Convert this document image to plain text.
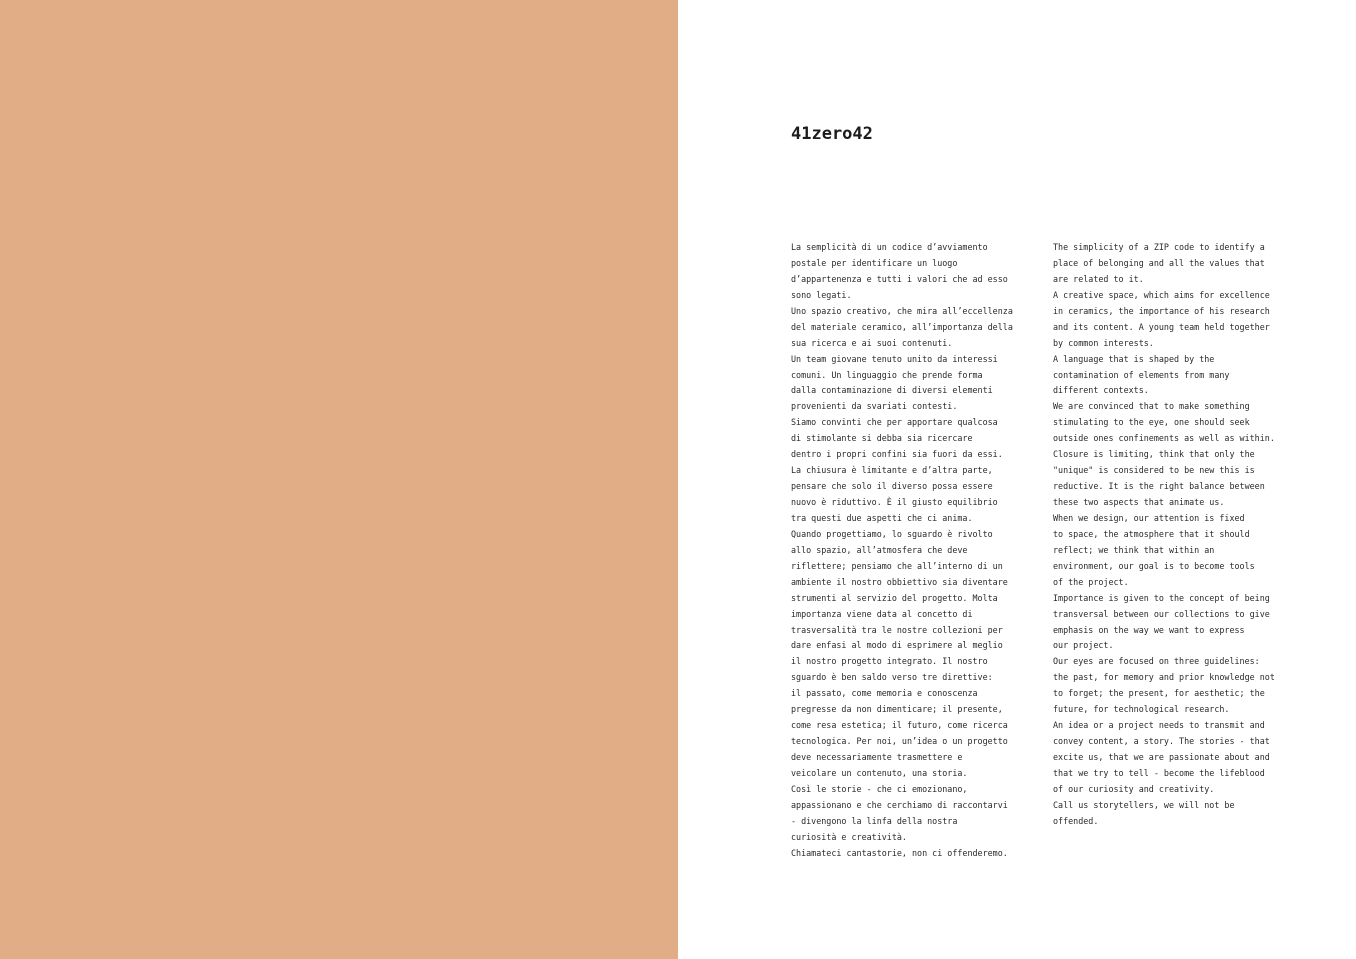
41zero42
La semplicità di un codice d’avviamento
postale per identificare un luogo
d’appartenenza e tutti i valori che ad esso
sono legati.
Uno spazio creativo, che mira all’eccellenza
del materiale ceramico, all’importanza della
sua ricerca e ai suoi contenuti.
Un team giovane tenuto unito da interessi
comuni. Un linguaggio che prende forma
dalla contaminazione di diversi elementi
provenienti da svariati contesti.
Siamo convinti che per apportare qualcosa
di stimolante si debba sia ricercare
dentro i propri confini sia fuori da essi.
La chiusura è limitante e d’altra parte,
pensare che solo il diverso possa essere
nuovo è riduttivo. È il giusto equilibrio
tra questi due aspetti che ci anima.
Quando progettiamo, lo sguardo è rivolto
allo spazio, all’atmosfera che deve
riflettere; pensiamo che all’interno di un
ambiente il nostro obbiettivo sia diventare
strumenti al servizio del progetto. Molta
importanza viene data al concetto di
trasversalità tra le nostre collezioni per
dare enfasi al modo di esprimere al meglio
il nostro progetto integrato. Il nostro
sguardo è ben saldo verso tre direttive:
il passato, come memoria e conoscenza
pregresse da non dimenticare; il presente,
come resa estetica; il futuro, come ricerca
tecnologica. Per noi, un’idea o un progetto
deve necessariamente trasmettere e
veicolare un contenuto, una storia.
Così le storie - che ci emozionano,
appassionano e che cerchiamo di raccontarvi
- divengono la linfa della nostra
curiosità e creatività.
Chiamateci cantastorie, non ci offenderemo.
The simplicity of a ZIP code to identify a
place of belonging and all the values that
are related to it.
A creative space, which aims for excellence
in ceramics, the importance of his research
and its content. A young team held together
by common interests.
A language that is shaped by the
contamination of elements from many
different contexts.
We are convinced that to make something
stimulating to the eye, one should seek
outside ones confinements as well as within.
Closure is limiting, think that only the
"unique" is considered to be new this is
reductive. It is the right balance between
these two aspects that animate us.
When we design, our attention is fixed
to space, the atmosphere that it should
reflect; we think that within an
environment, our goal is to become tools
of the project.
Importance is given to the concept of being
transversal between our collections to give
emphasis on the way we want to express
our project.
Our eyes are focused on three guidelines:
the past, for memory and prior knowledge not
to forget; the present, for aesthetic; the
future, for technological research.
An idea or a project needs to transmit and
convey content, a story. The stories - that
excite us, that we are passionate about and
that we try to tell - become the lifeblood
of our curiosity and creativity.
Call us storytellers, we will not be
offended.
